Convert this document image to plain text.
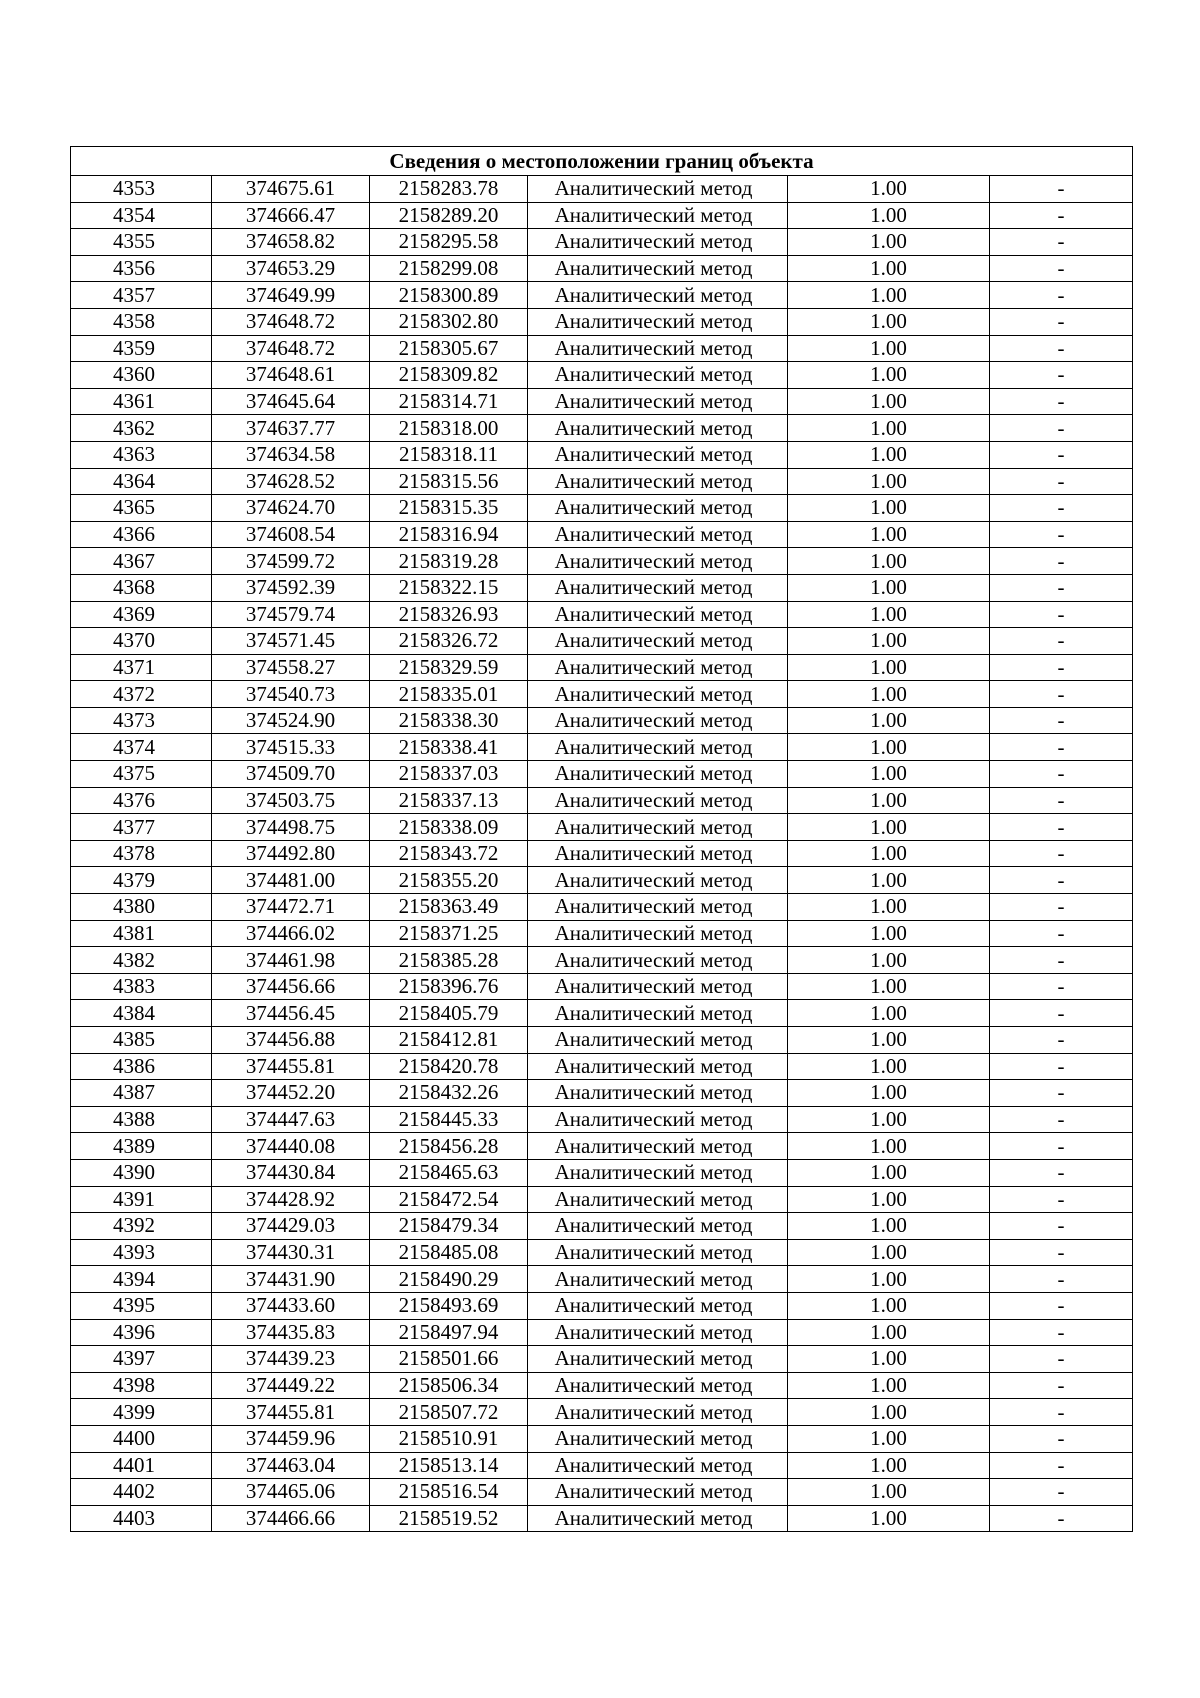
Сведения о местоположении границ объекта					
4353	374675.61	2158283.78	Аналитический метод	1.00	-
4354	374666.47	2158289.20	Аналитический метод	1.00	-
4355	374658.82	2158295.58	Аналитический метод	1.00	-
4356	374653.29	2158299.08	Аналитический метод	1.00	-
4357	374649.99	2158300.89	Аналитический метод	1.00	-
4358	374648.72	2158302.80	Аналитический метод	1.00	-
4359	374648.72	2158305.67	Аналитический метод	1.00	-
4360	374648.61	2158309.82	Аналитический метод	1.00	-
4361	374645.64	2158314.71	Аналитический метод	1.00	-
4362	374637.77	2158318.00	Аналитический метод	1.00	-
4363	374634.58	2158318.11	Аналитический метод	1.00	-
4364	374628.52	2158315.56	Аналитический метод	1.00	-
4365	374624.70	2158315.35	Аналитический метод	1.00	-
4366	374608.54	2158316.94	Аналитический метод	1.00	-
4367	374599.72	2158319.28	Аналитический метод	1.00	-
4368	374592.39	2158322.15	Аналитический метод	1.00	-
4369	374579.74	2158326.93	Аналитический метод	1.00	-
4370	374571.45	2158326.72	Аналитический метод	1.00	-
4371	374558.27	2158329.59	Аналитический метод	1.00	-
4372	374540.73	2158335.01	Аналитический метод	1.00	-
4373	374524.90	2158338.30	Аналитический метод	1.00	-
4374	374515.33	2158338.41	Аналитический метод	1.00	-
4375	374509.70	2158337.03	Аналитический метод	1.00	-
4376	374503.75	2158337.13	Аналитический метод	1.00	-
4377	374498.75	2158338.09	Аналитический метод	1.00	-
4378	374492.80	2158343.72	Аналитический метод	1.00	-
4379	374481.00	2158355.20	Аналитический метод	1.00	-
4380	374472.71	2158363.49	Аналитический метод	1.00	-
4381	374466.02	2158371.25	Аналитический метод	1.00	-
4382	374461.98	2158385.28	Аналитический метод	1.00	-
4383	374456.66	2158396.76	Аналитический метод	1.00	-
4384	374456.45	2158405.79	Аналитический метод	1.00	-
4385	374456.88	2158412.81	Аналитический метод	1.00	-
4386	374455.81	2158420.78	Аналитический метод	1.00	-
4387	374452.20	2158432.26	Аналитический метод	1.00	-
4388	374447.63	2158445.33	Аналитический метод	1.00	-
4389	374440.08	2158456.28	Аналитический метод	1.00	-
4390	374430.84	2158465.63	Аналитический метод	1.00	-
4391	374428.92	2158472.54	Аналитический метод	1.00	-
4392	374429.03	2158479.34	Аналитический метод	1.00	-
4393	374430.31	2158485.08	Аналитический метод	1.00	-
4394	374431.90	2158490.29	Аналитический метод	1.00	-
4395	374433.60	2158493.69	Аналитический метод	1.00	-
4396	374435.83	2158497.94	Аналитический метод	1.00	-
4397	374439.23	2158501.66	Аналитический метод	1.00	-
4398	374449.22	2158506.34	Аналитический метод	1.00	-
4399	374455.81	2158507.72	Аналитический метод	1.00	-
4400	374459.96	2158510.91	Аналитический метод	1.00	-
4401	374463.04	2158513.14	Аналитический метод	1.00	-
4402	374465.06	2158516.54	Аналитический метод	1.00	-
4403	374466.66	2158519.52	Аналитический метод	1.00	-
